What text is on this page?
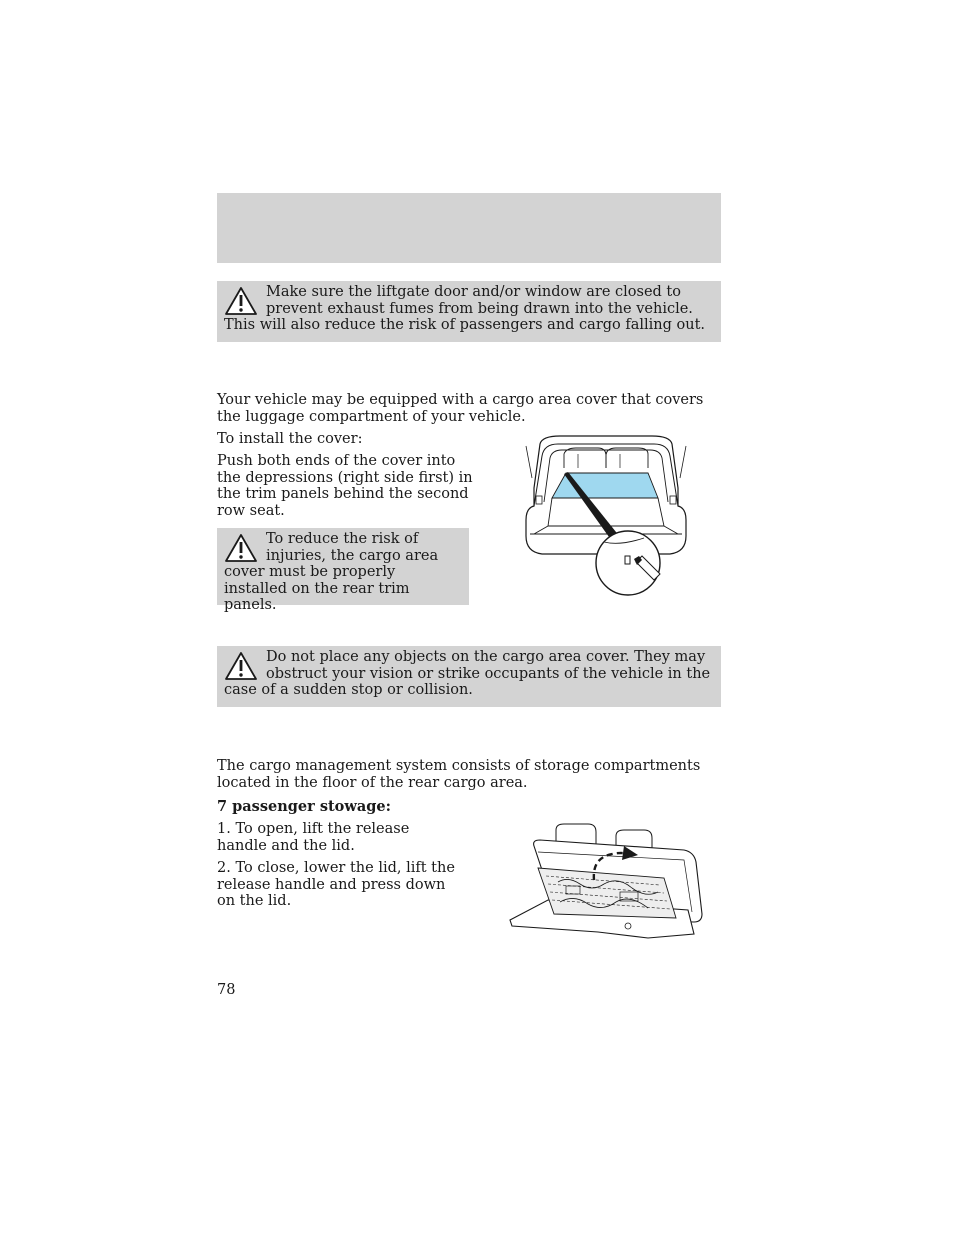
Make sure the liftgate door and/or window are closed to prevent exhaust fumes from being drawn into the vehicle. This will also reduce the risk of passengers and cargo falling out.

Your vehicle may be equipped with a cargo area cover that covers the luggage compartment of your vehicle.

To install the cover:

Push both ends of the cover into the depressions (right side first) in the trim panels behind the second row seat.

To reduce the risk of injuries, the cargo area cover must be properly installed on the rear trim panels.

Do not place any objects on the cargo area cover. They may obstruct your vision or strike occupants of the vehicle in the case of a sudden stop or collision.

The cargo management system consists of storage compartments located in the floor of the rear cargo area.

7 passenger stowage:

1. To open, lift the release handle and the lid.

2. To close, lower the lid, lift the release handle and press down on the lid.

78
